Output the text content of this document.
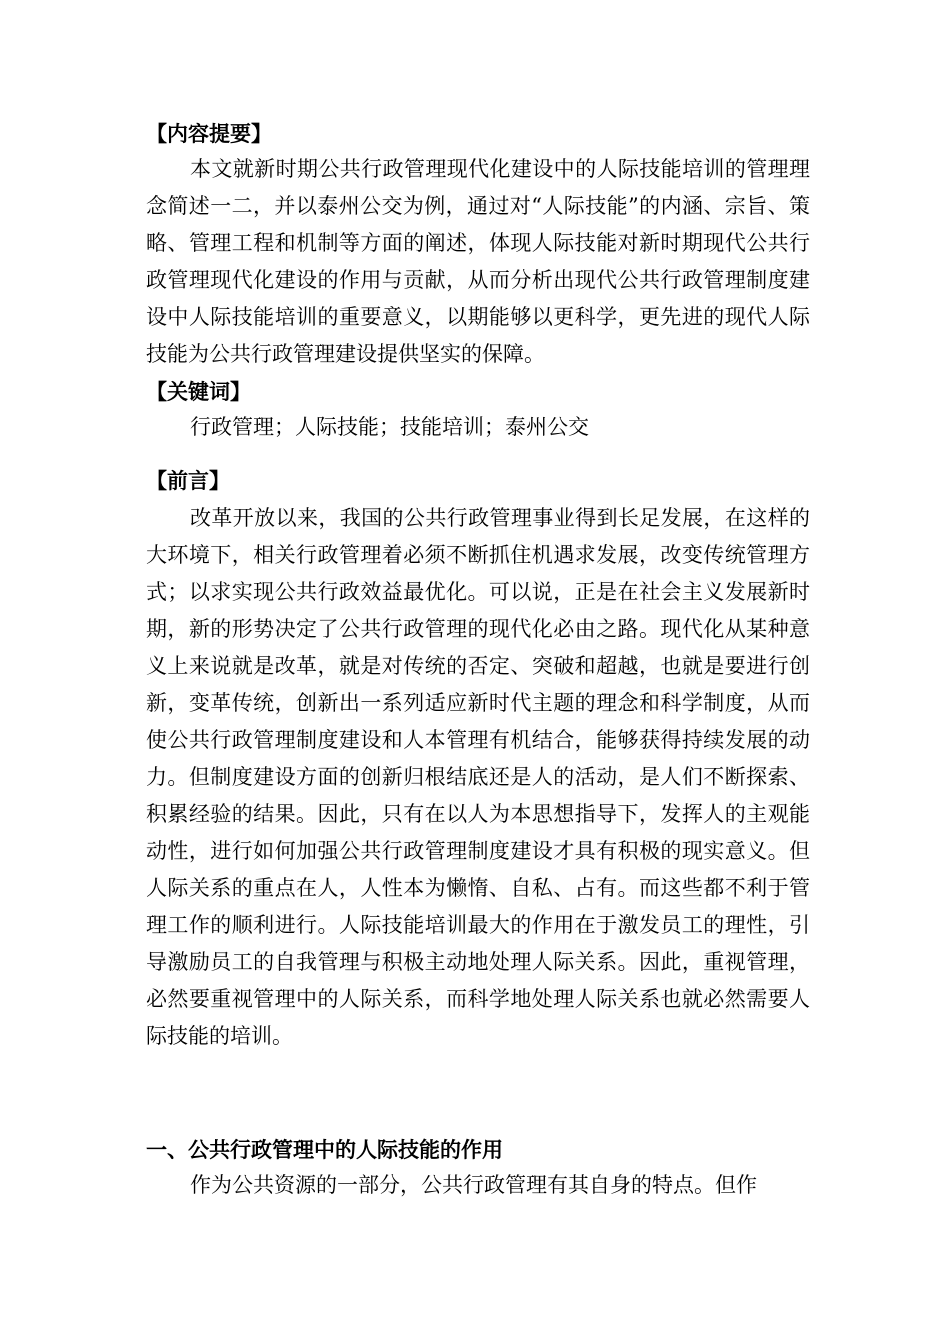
【内容提要】

本文就新时期公共行政管理现代化建设中的人际技能培训的管理理念简述一二，并以泰州公交为例，通过对“人际技能”的内涵、宗旨、策略、管理工程和机制等方面的阐述，体现人际技能对新时期现代公共行政管理现代化建设的作用与贡献，从而分析出现代公共行政管理制度建设中人际技能培训的重要意义，以期能够以更科学，更先进的现代人际技能为公共行政管理建设提供坚实的保障。

【关键词】
行政管理；人际技能；技能培训；泰州公交
【前言】

改革开放以来，我国的公共行政管理事业得到长足发展，在这样的大环境下，相关行政管理着必须不断抓住机遇求发展，改变传统管理方式；以求实现公共行政效益最优化。可以说，正是在社会主义发展新时期，新的形势决定了公共行政管理的现代化必由之路。现代化从某种意义上来说就是改革，就是对传统的否定、突破和超越，也就是要进行创新，变革传统，创新出一系列适应新时代主题的理念和科学制度，从而使公共行政管理制度建设和人本管理有机结合，能够获得持续发展的动力。但制度建设方面的创新归根结底还是人的活动，是人们不断探索、积累经验的结果。因此，只有在以人为本思想指导下，发挥人的主观能动性，进行如何加强公共行政管理制度建设才具有积极的现实意义。但人际关系的重点在人，人性本为懒惰、自私、占有。而这些都不利于管理工作的顺利进行。人际技能培训最大的作用在于激发员工的理性，引导激励员工的自我管理与积极主动地处理人际关系。因此，重视管理，必然要重视管理中的人际关系，而科学地处理人际关系也就必然需要人际技能的培训。

一、公共行政管理中的人际技能的作用

作为公共资源的一部分，公共行政管理有其自身的特点。但作
